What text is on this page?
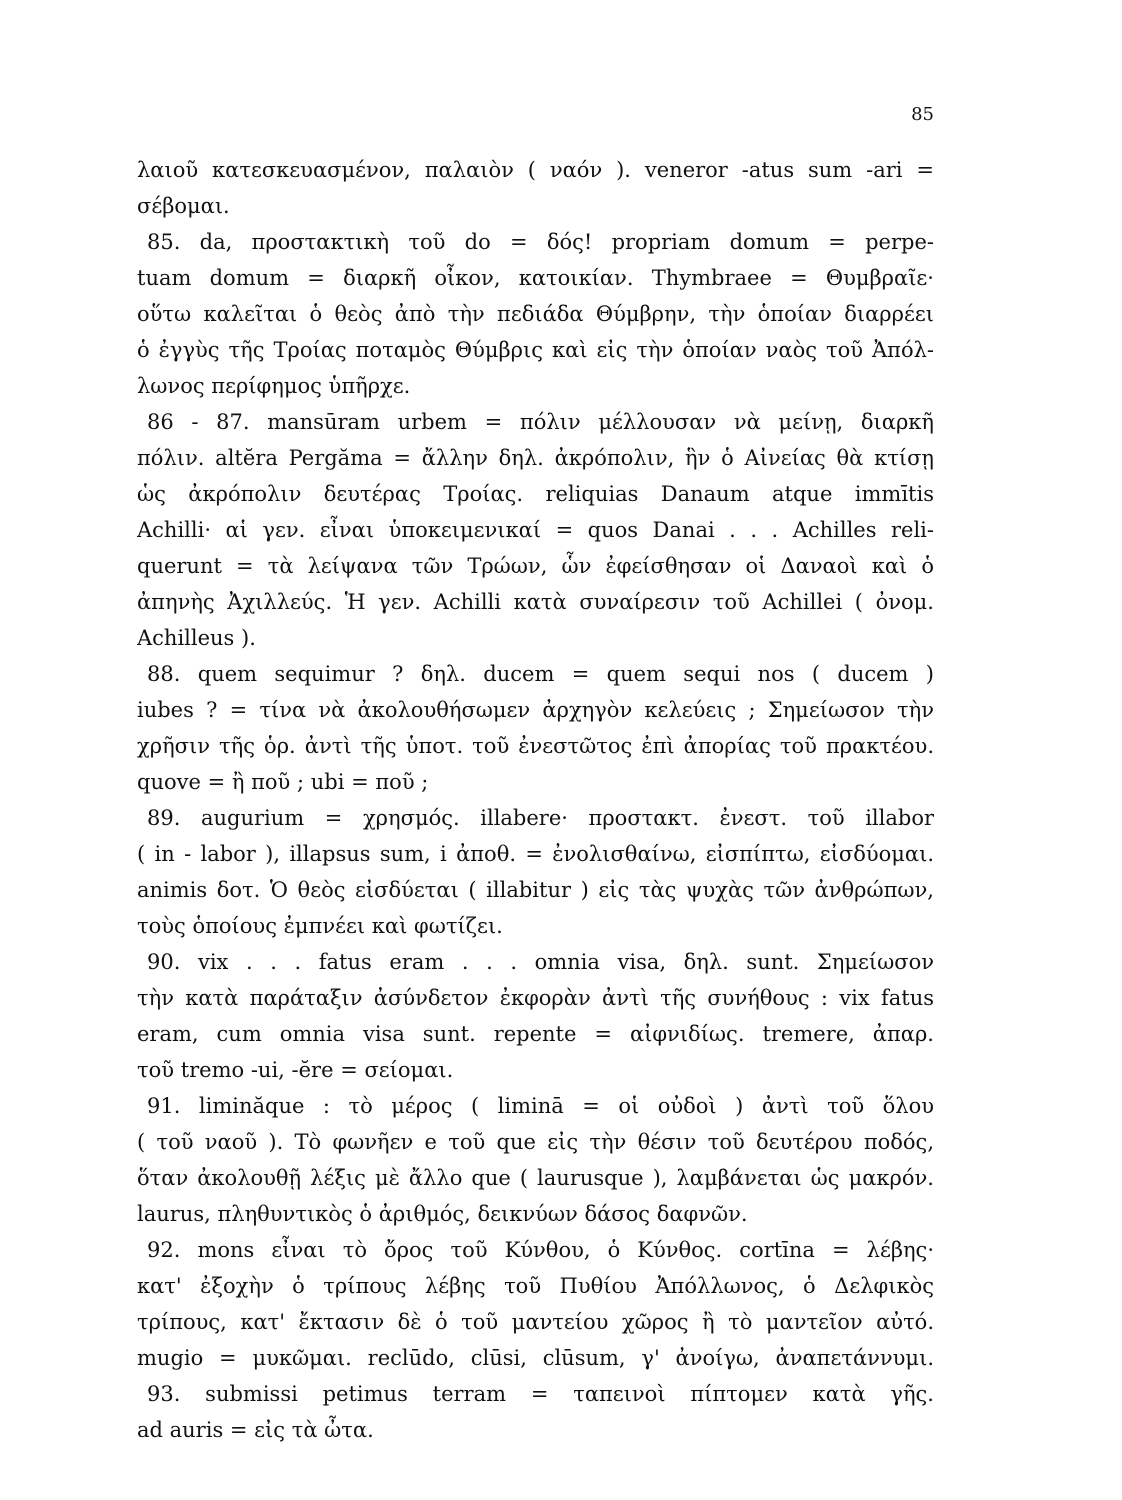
85
λαιοῦ κατεσκευασμένον, παλαιὸν ( ναόν ). veneror -atus sum -ari =
σέβομαι.
85. da, προστακτικὴ τοῦ do = δός! propriam domum = perpe-
tuam domum = διαρκῆ οἶκον, κατοικίαν. Thymbraee = Θυμβραῖε·
οὕτω καλεῖται ὁ θεὸς ἀπὸ τὴν πεδιάδα Θύμβρην, τὴν ὁποίαν διαρρέει
ὁ ἐγγὺς τῆς Τροίας ποταμὸς Θύμβρις καὶ εἰς τὴν ὁποίαν ναὸς τοῦ Ἀπόλ-
λωνος περίφημος ὑπῆρχε.
86 - 87. mansūram urbem = πόλιν μέλλουσαν νὰ μείνῃ, διαρκῆ
πόλιν. altĕra Pergăma = ἄλλην δηλ. ἀκρόπολιν, ἣν ὁ Αἰνείας θὰ κτίσῃ
ὡς ἀκρόπολιν δευτέρας Τροίας. reliquias Danaum atque immītis
Achilli· αἱ γεν. εἶναι ὑποκειμενικαί = quos Danai . . . Achilles reli-
querunt = τὰ λείψανα τῶν Τρώων, ὧν ἐφείσθησαν οἱ Δαναοὶ καὶ ὁ
ἀπηνὴς Ἀχιλλεύς. Ἡ γεν. Achilli κατὰ συναίρεσιν τοῦ Achillei ( ὀνομ.
Achilleus ).
88. quem sequimur ? δηλ. ducem = quem sequi nos ( ducem )
iubes ? = τίνα νὰ ἀκολουθήσωμεν ἀρχηγὸν κελεύεις ; Σημείωσον τὴν
χρῆσιν τῆς ὁρ. ἀντὶ τῆς ὑποτ. τοῦ ἐνεστῶτος ἐπὶ ἀπορίας τοῦ πρακτέου.
quove = ἢ ποῦ ; ubi = ποῦ ;
89. augurium = χρησμός. illabere· προστακτ. ἐνεστ. τοῦ illabor
( in - labor ), illapsus sum, i ἀποθ. = ἐνολισθαίνω, εἰσπίπτω, εἰσδύομαι.
animis δοτ. Ὁ θεὸς εἰσδύεται ( illabitur ) εἰς τὰς ψυχὰς τῶν ἀνθρώπων,
τοὺς ὁποίους ἐμπνέει καὶ φωτίζει.
90. vix . . . fatus eram . . . omnia visa, δηλ. sunt. Σημείωσον
τὴν κατὰ παράταξιν ἀσύνδετον ἐκφορὰν ἀντὶ τῆς συνήθους : vix fatus
eram, cum omnia visa sunt. repente = αἰφνιδίως. tremere, ἀπαρ.
τοῦ tremo -ui, -ĕre = σείομαι.
91. liminăque : τὸ μέρος ( liminā = οἱ οὐδοὶ ) ἀντὶ τοῦ ὅλου
( τοῦ ναοῦ ). Τὸ φωνῆεν e τοῦ que εἰς τὴν θέσιν τοῦ δευτέρου ποδός,
ὅταν ἀκολουθῇ λέξις μὲ ἄλλο que ( laurusque ), λαμβάνεται ὡς μακρόν.
laurus, πληθυντικὸς ὁ ἀριθμός, δεικνύων δάσος δαφνῶν.
92. mons εἶναι τὸ ὄρος τοῦ Κύνθου, ὁ Κύνθος. cortīna = λέβης·
κατ' ἐξοχὴν ὁ τρίπους λέβης τοῦ Πυθίου Ἀπόλλωνος, ὁ Δελφικὸς
τρίπους, κατ' ἔκτασιν δὲ ὁ τοῦ μαντείου χῶρος ἢ τὸ μαντεῖον αὐτό.
mugio = μυκῶμαι. reclūdo, clūsi, clūsum, γ' ἀνοίγω, ἀναπετάννυμι.
93. submissi petimus terram = ταπεινοὶ πίπτομεν κατὰ γῆς.
ad auris = εἰς τὰ ὦτα.
